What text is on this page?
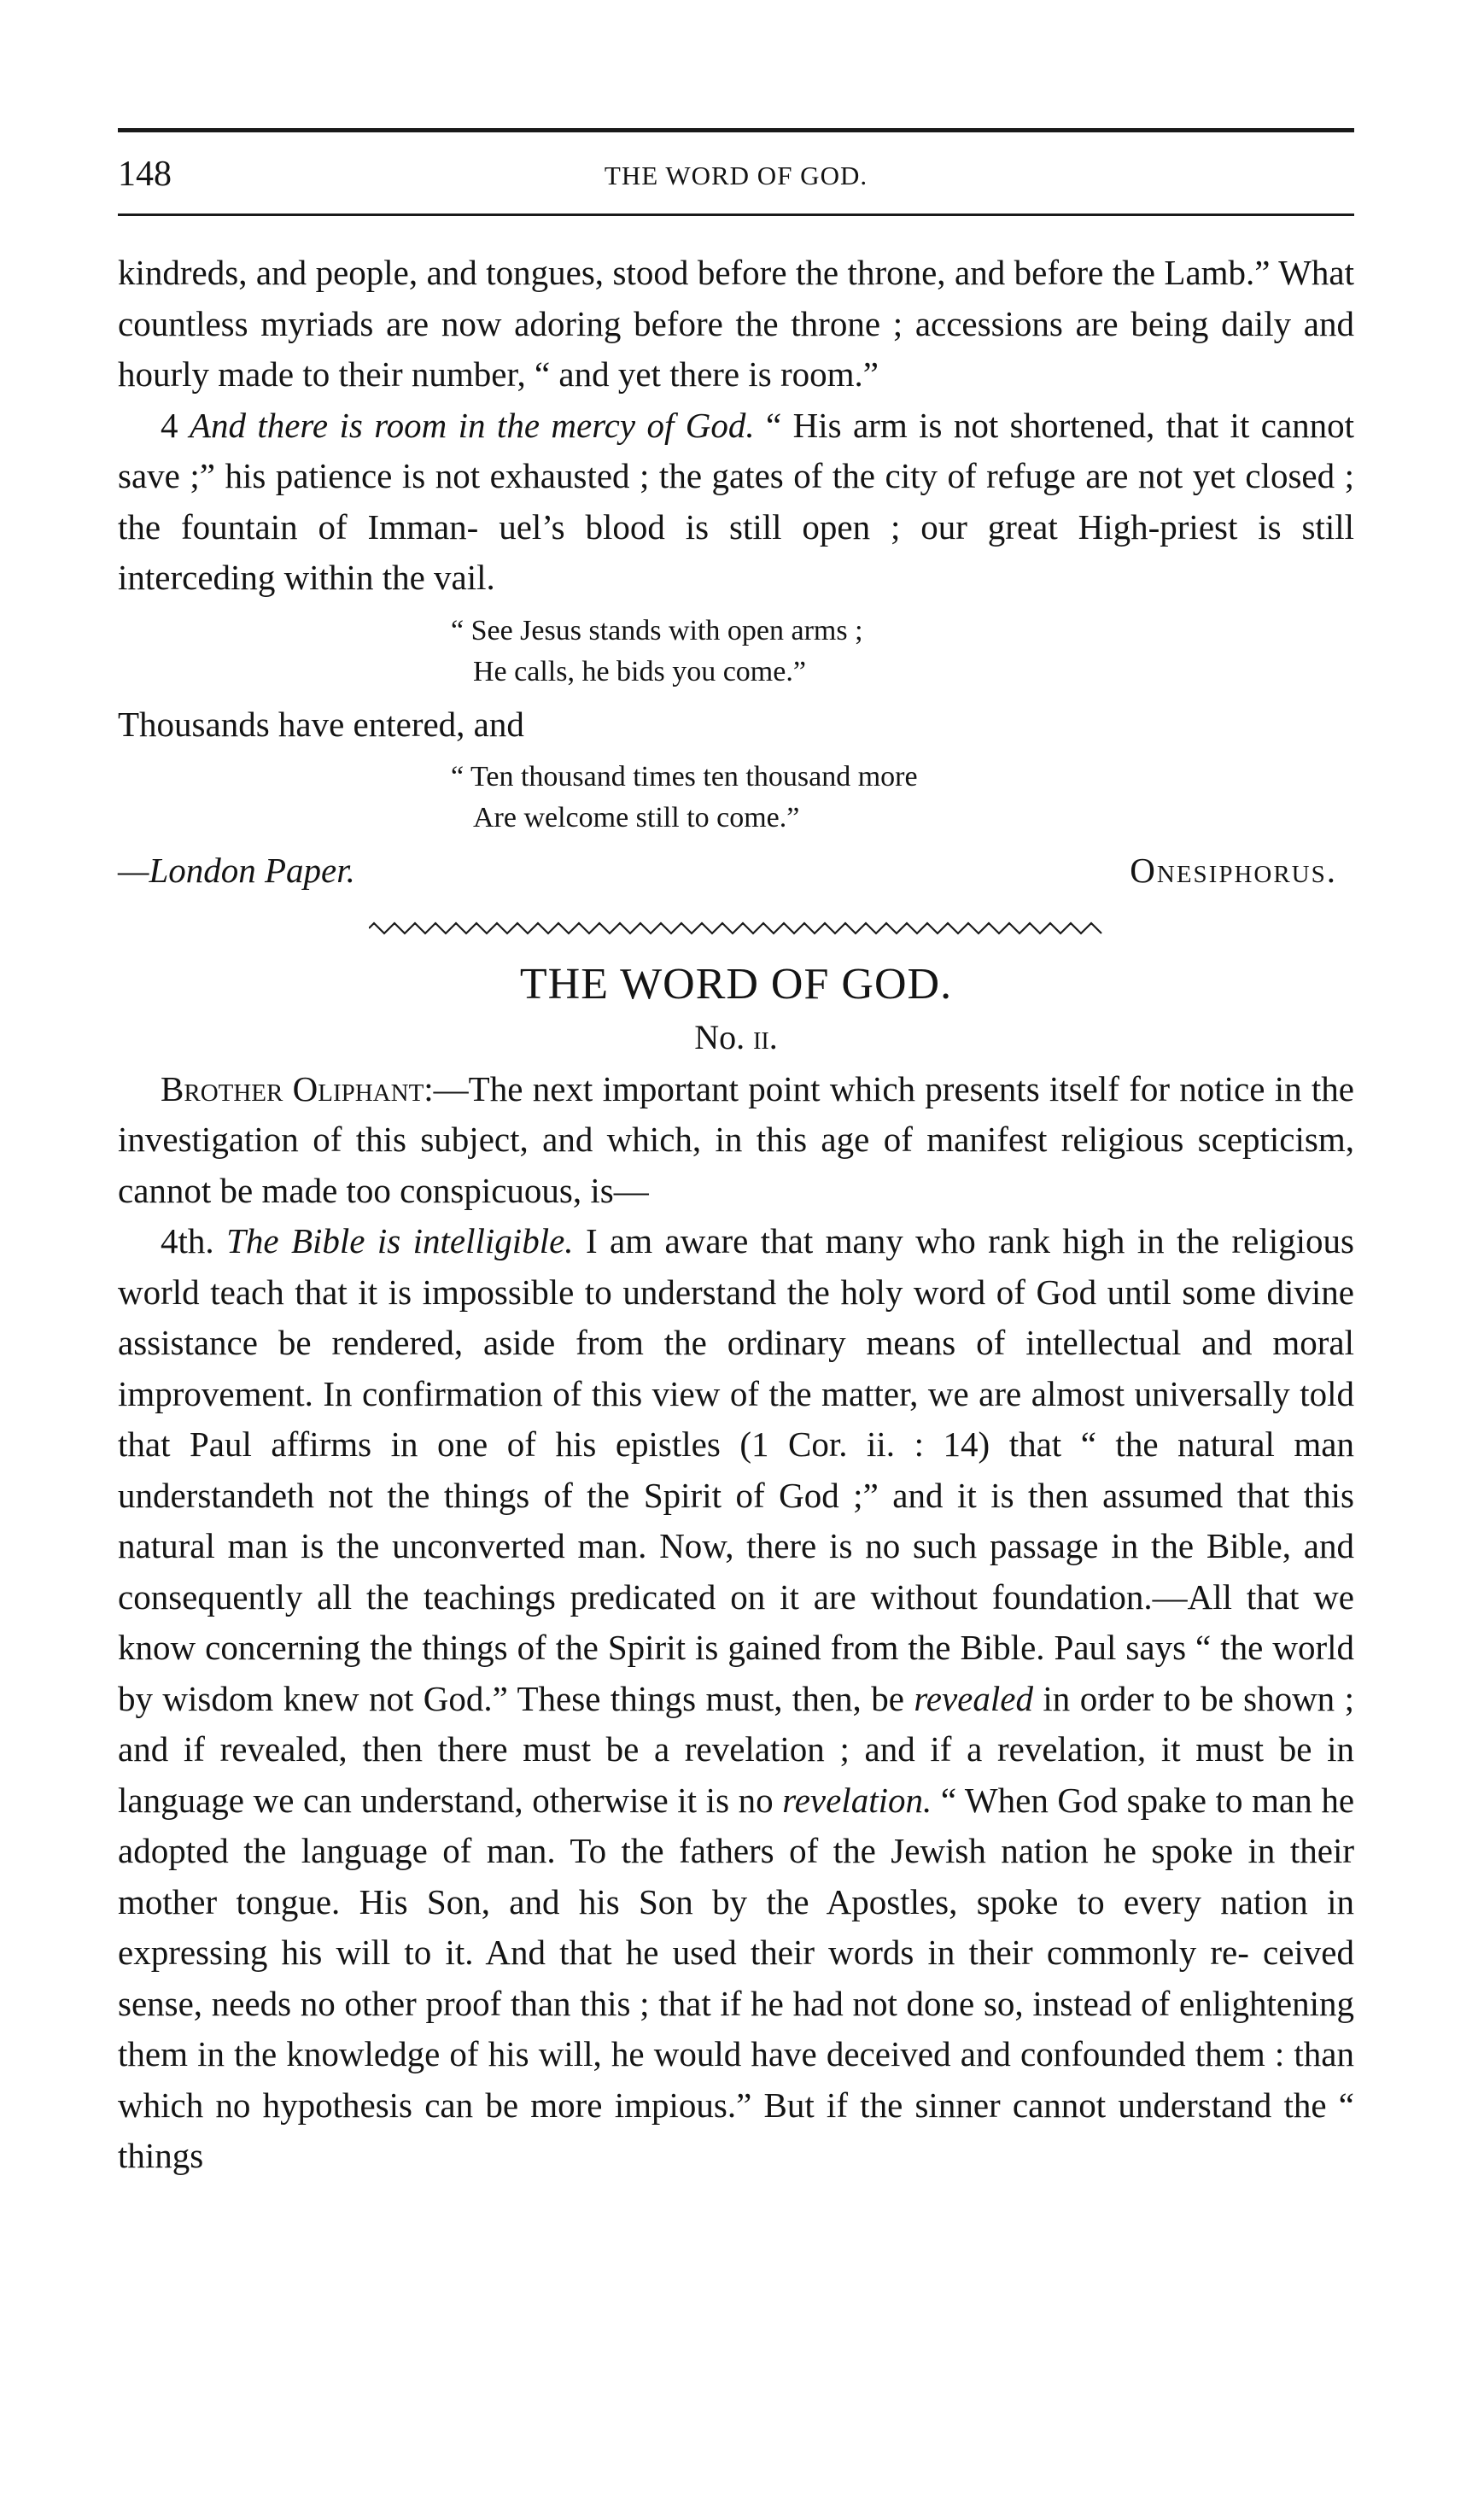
148	THE WORD OF GOD.

kindreds, and people, and tongues, stood before the throne, and before the Lamb.” What countless myriads are now adoring before the throne ; accessions are being daily and hourly made to their number, “ and yet there is room.”

4 And there is room in the mercy of God. “ His arm is not shortened, that it cannot save ;” his patience is not exhausted ; the gates of the city of refuge are not yet closed ; the fountain of Imman- uel’s blood is still open ; our great High-priest is still interceding within the vail.

“ See Jesus stands with open arms ;
He calls, he bids you come.”

Thousands have entered, and

“ Ten thousand times ten thousand more
Are welcome still to come.”
—London Paper.	Onesiphorus.
THE WORD OF GOD.
No. ii.

Brother Oliphant:—The next important point which presents itself for notice in the investigation of this subject, and which, in this age of manifest religious scepticism, cannot be made too conspicuous, is—

4th. The Bible is intelligible. I am aware that many who rank high in the religious world teach that it is impossible to understand the holy word of God until some divine assistance be rendered, aside from the ordinary means of intellectual and moral improvement. In confirmation of this view of the matter, we are almost universally told that Paul affirms in one of his epistles (1 Cor. ii. : 14) that “ the natural man understandeth not the things of the Spirit of God ;” and it is then assumed that this natural man is the unconverted man. Now, there is no such passage in the Bible, and consequently all the teachings predicated on it are without foundation.—All that we know concerning the things of the Spirit is gained from the Bible. Paul says “ the world by wisdom knew not God.” These things must, then, be revealed in order to be shown ; and if revealed, then there must be a revelation ; and if a revelation, it must be in language we can understand, otherwise it is no revelation. “ When God spake to man he adopted the language of man. To the fathers of the Jewish nation he spoke in their mother tongue. His Son, and his Son by the Apostles, spoke to every nation in expressing his will to it. And that he used their words in their commonly re- ceived sense, needs no other proof than this ; that if he had not done so, instead of enlightening them in the knowledge of his will, he would have deceived and confounded them : than which no hypothesis can be more impious.” But if the sinner cannot understand the “ things
